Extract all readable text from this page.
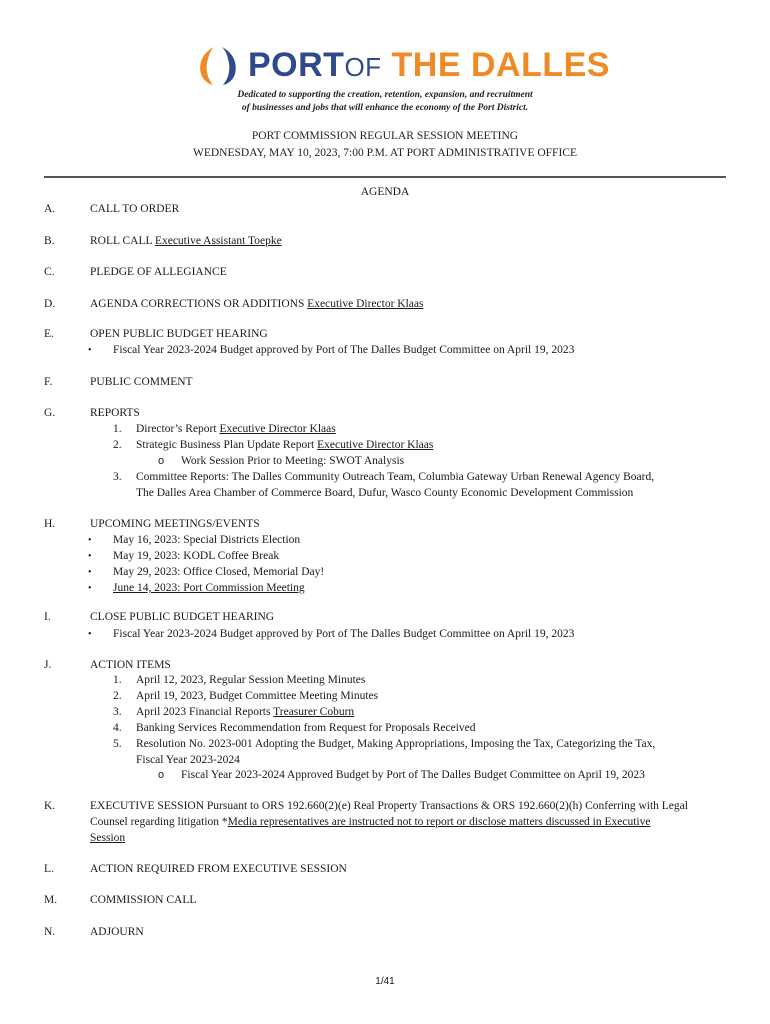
PORTOF THE DALLES
Dedicated to supporting the creation, retention, expansion, and recruitment
of businesses and jobs that will enhance the economy of the Port District.
PORT COMMISSION REGULAR SESSION MEETING
WEDNESDAY, MAY 10, 2023, 7:00 P.M. AT PORT ADMINISTRATIVE OFFICE
AGENDA
A.	CALL TO ORDER
B.	ROLL CALL Executive Assistant Toepke
C.	PLEDGE OF ALLEGIANCE
D.	AGENDA CORRECTIONS OR ADDITIONS Executive Director Klaas
E.	OPEN PUBLIC BUDGET HEARING
• Fiscal Year 2023-2024 Budget approved by Port of The Dalles Budget Committee on April 19, 2023
F.	PUBLIC COMMENT
G.	REPORTS
1. Director’s Report Executive Director Klaas
2. Strategic Business Plan Update Report Executive Director Klaas
o Work Session Prior to Meeting: SWOT Analysis
3. Committee Reports: The Dalles Community Outreach Team, Columbia Gateway Urban Renewal Agency Board,
The Dalles Area Chamber of Commerce Board, Dufur, Wasco County Economic Development Commission
H.	UPCOMING MEETINGS/EVENTS
• May 16, 2023: Special Districts Election
• May 19, 2023: KODL Coffee Break
• May 29, 2023: Office Closed, Memorial Day!
• June 14, 2023: Port Commission Meeting
I.	CLOSE PUBLIC BUDGET HEARING
• Fiscal Year 2023-2024 Budget approved by Port of The Dalles Budget Committee on April 19, 2023
J.	ACTION ITEMS
1. April 12, 2023, Regular Session Meeting Minutes
2. April 19, 2023, Budget Committee Meeting Minutes
3. April 2023 Financial Reports Treasurer Coburn
4. Banking Services Recommendation from Request for Proposals Received
5. Resolution No. 2023-001 Adopting the Budget, Making Appropriations, Imposing the Tax, Categorizing the Tax,
Fiscal Year 2023-2024
o Fiscal Year 2023-2024 Approved Budget by Port of The Dalles Budget Committee on April 19, 2023
K.	EXECUTIVE SESSION Pursuant to ORS 192.660(2)(e) Real Property Transactions & ORS 192.660(2)(h) Conferring with Legal
Counsel regarding litigation *Media representatives are instructed not to report or disclose matters discussed in Executive
Session
L.	ACTION REQUIRED FROM EXECUTIVE SESSION
M.	COMMISSION CALL
N.	ADJOURN
1/41
